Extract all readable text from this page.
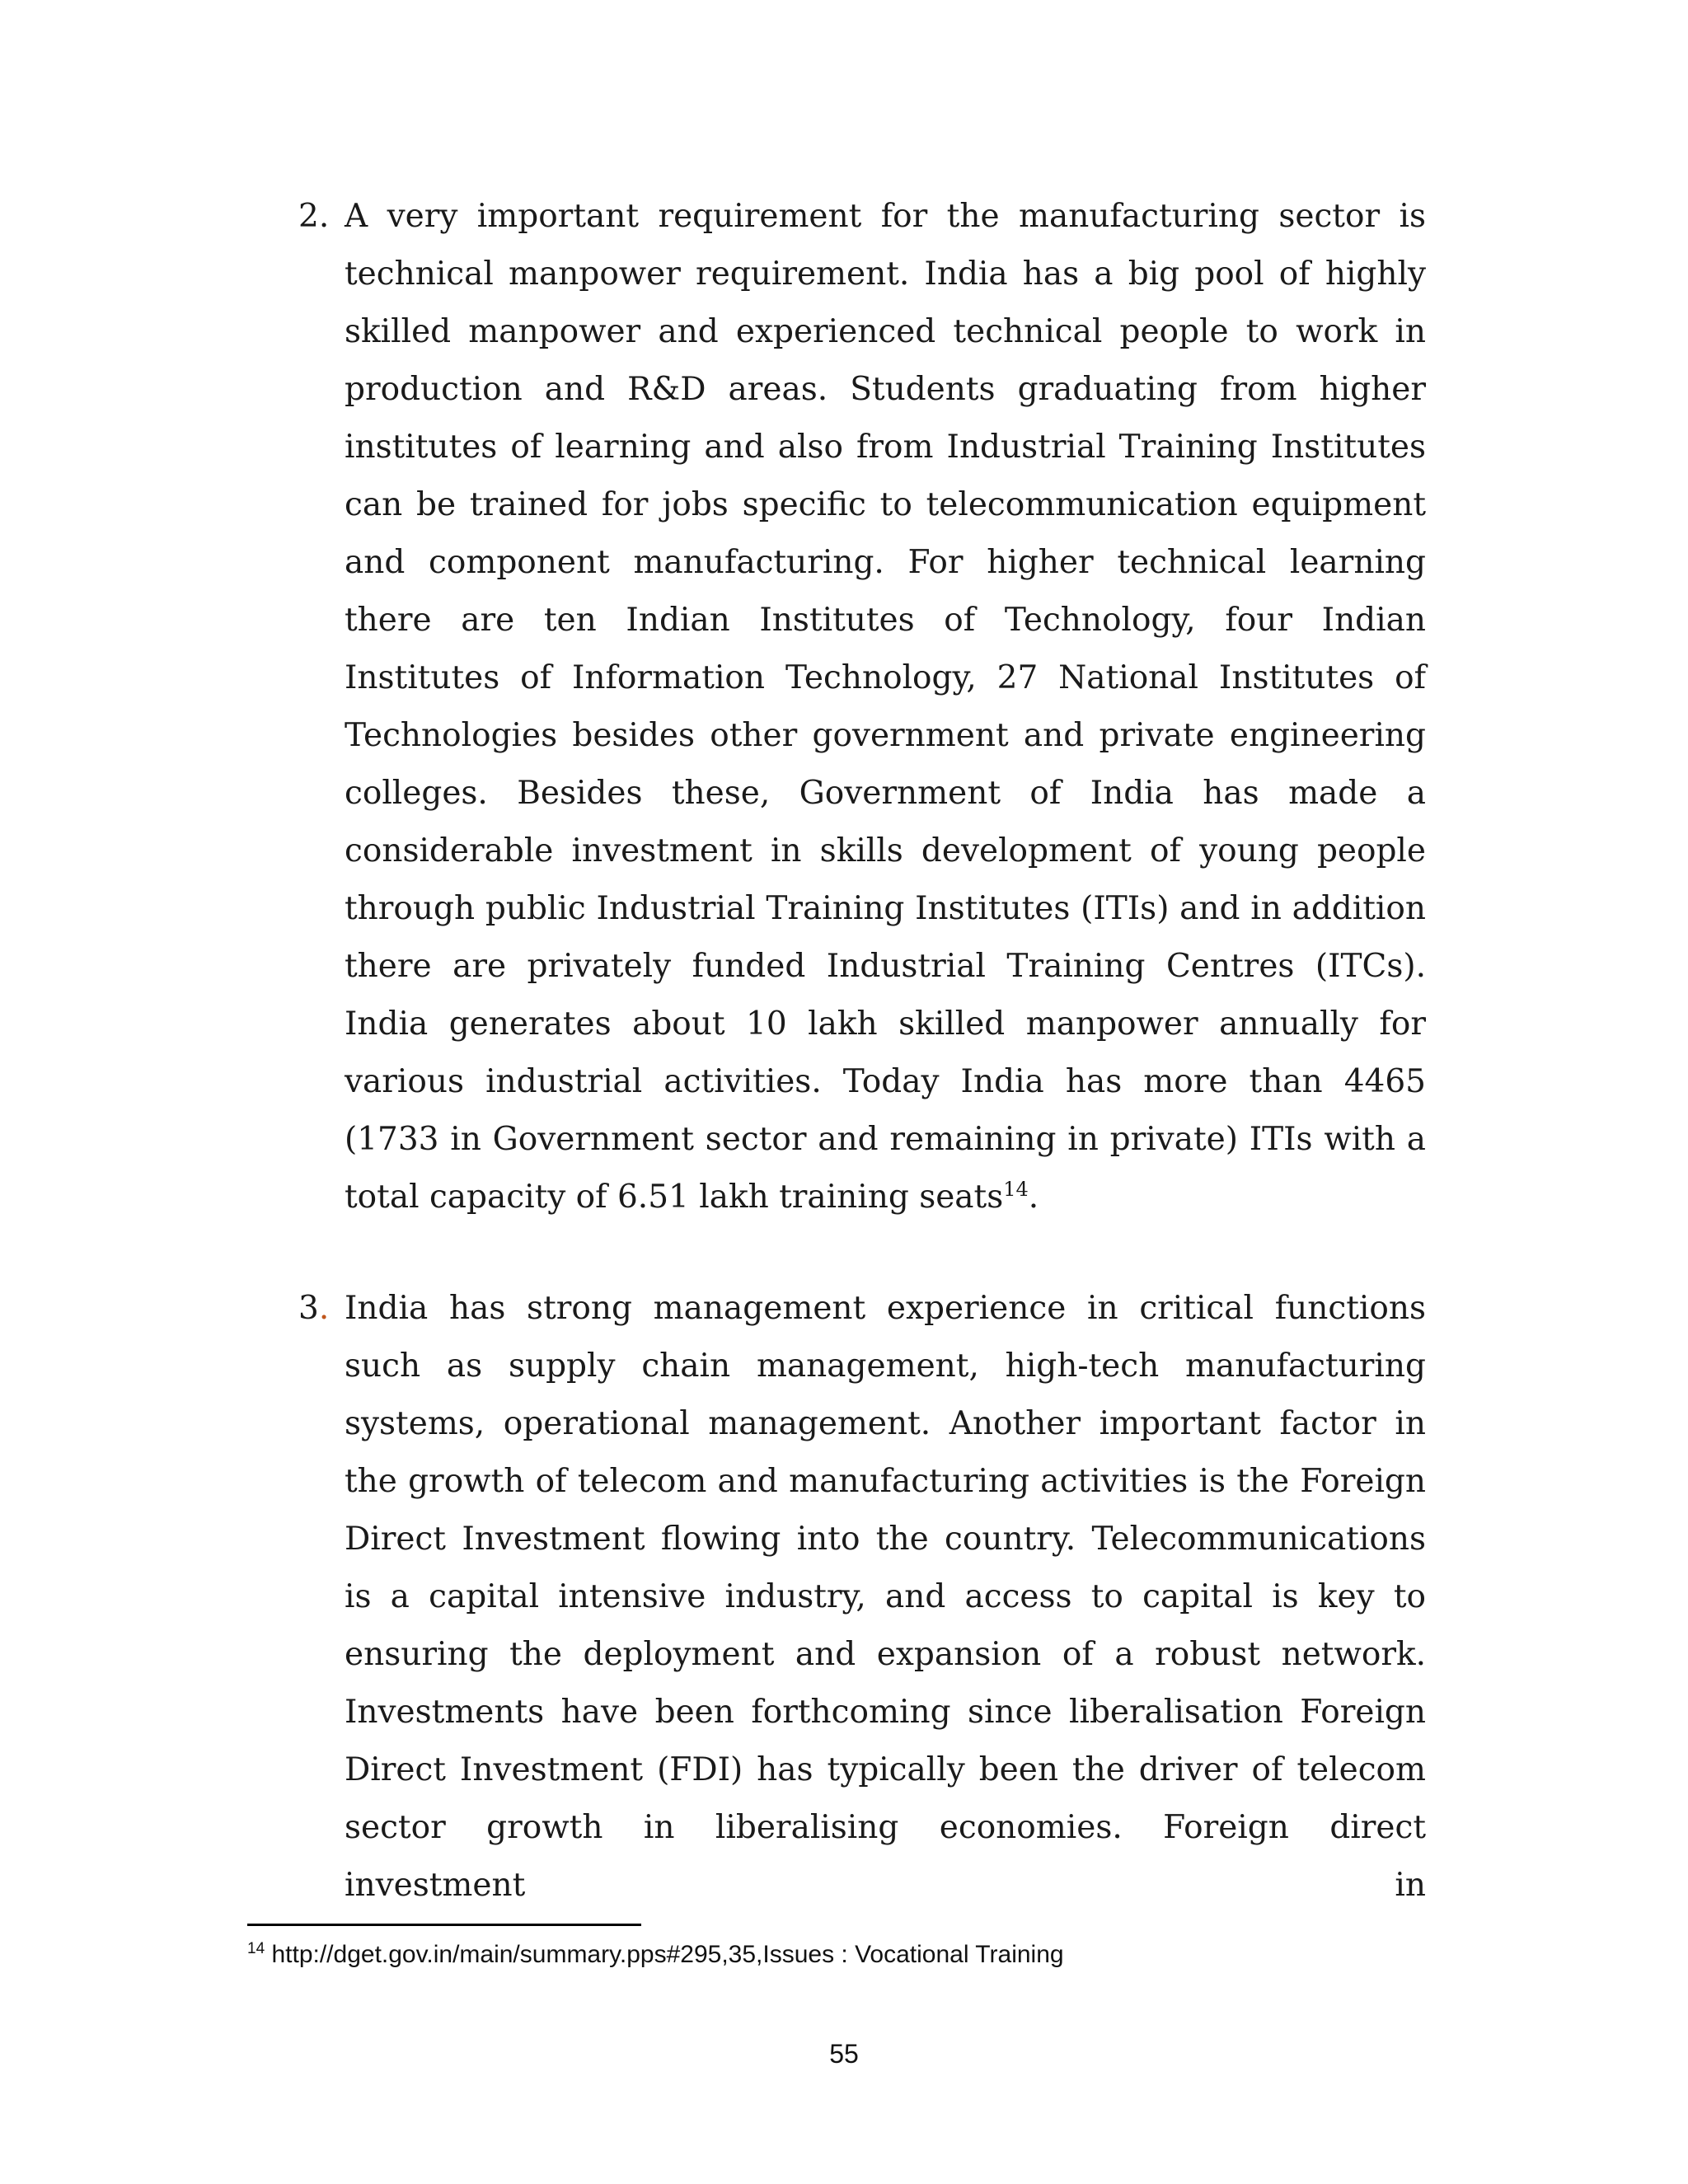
2. A very important requirement for the manufacturing sector is technical manpower requirement. India has a big pool of highly skilled manpower and experienced technical people to work in production and R&D areas. Students graduating from higher institutes of learning and also from Industrial Training Institutes can be trained for jobs specific to telecommunication equipment and component manufacturing. For higher technical learning there are ten Indian Institutes of Technology, four Indian Institutes of Information Technology, 27 National Institutes of Technologies besides other government and private engineering colleges. Besides these, Government of India has made a considerable investment in skills development of young people through public Industrial Training Institutes (ITIs) and in addition there are privately funded Industrial Training Centres (ITCs). India generates about 10 lakh skilled manpower annually for various industrial activities. Today India has more than 4465 (1733 in Government sector and remaining in private) ITIs with a total capacity of 6.51 lakh training seats$^{14}$.
3. India has strong management experience in critical functions such as supply chain management, high-tech manufacturing systems, operational management. Another important factor in the growth of telecom and manufacturing activities is the Foreign Direct Investment flowing into the country. Telecommunications is a capital intensive industry, and access to capital is key to ensuring the deployment and expansion of a robust network. Investments have been forthcoming since liberalisation Foreign Direct Investment (FDI) has typically been the driver of telecom sector growth in liberalising economies. Foreign direct investment in
$^{14}$ http://dget.gov.in/main/summary.pps#295,35,Issues : Vocational Training
55
